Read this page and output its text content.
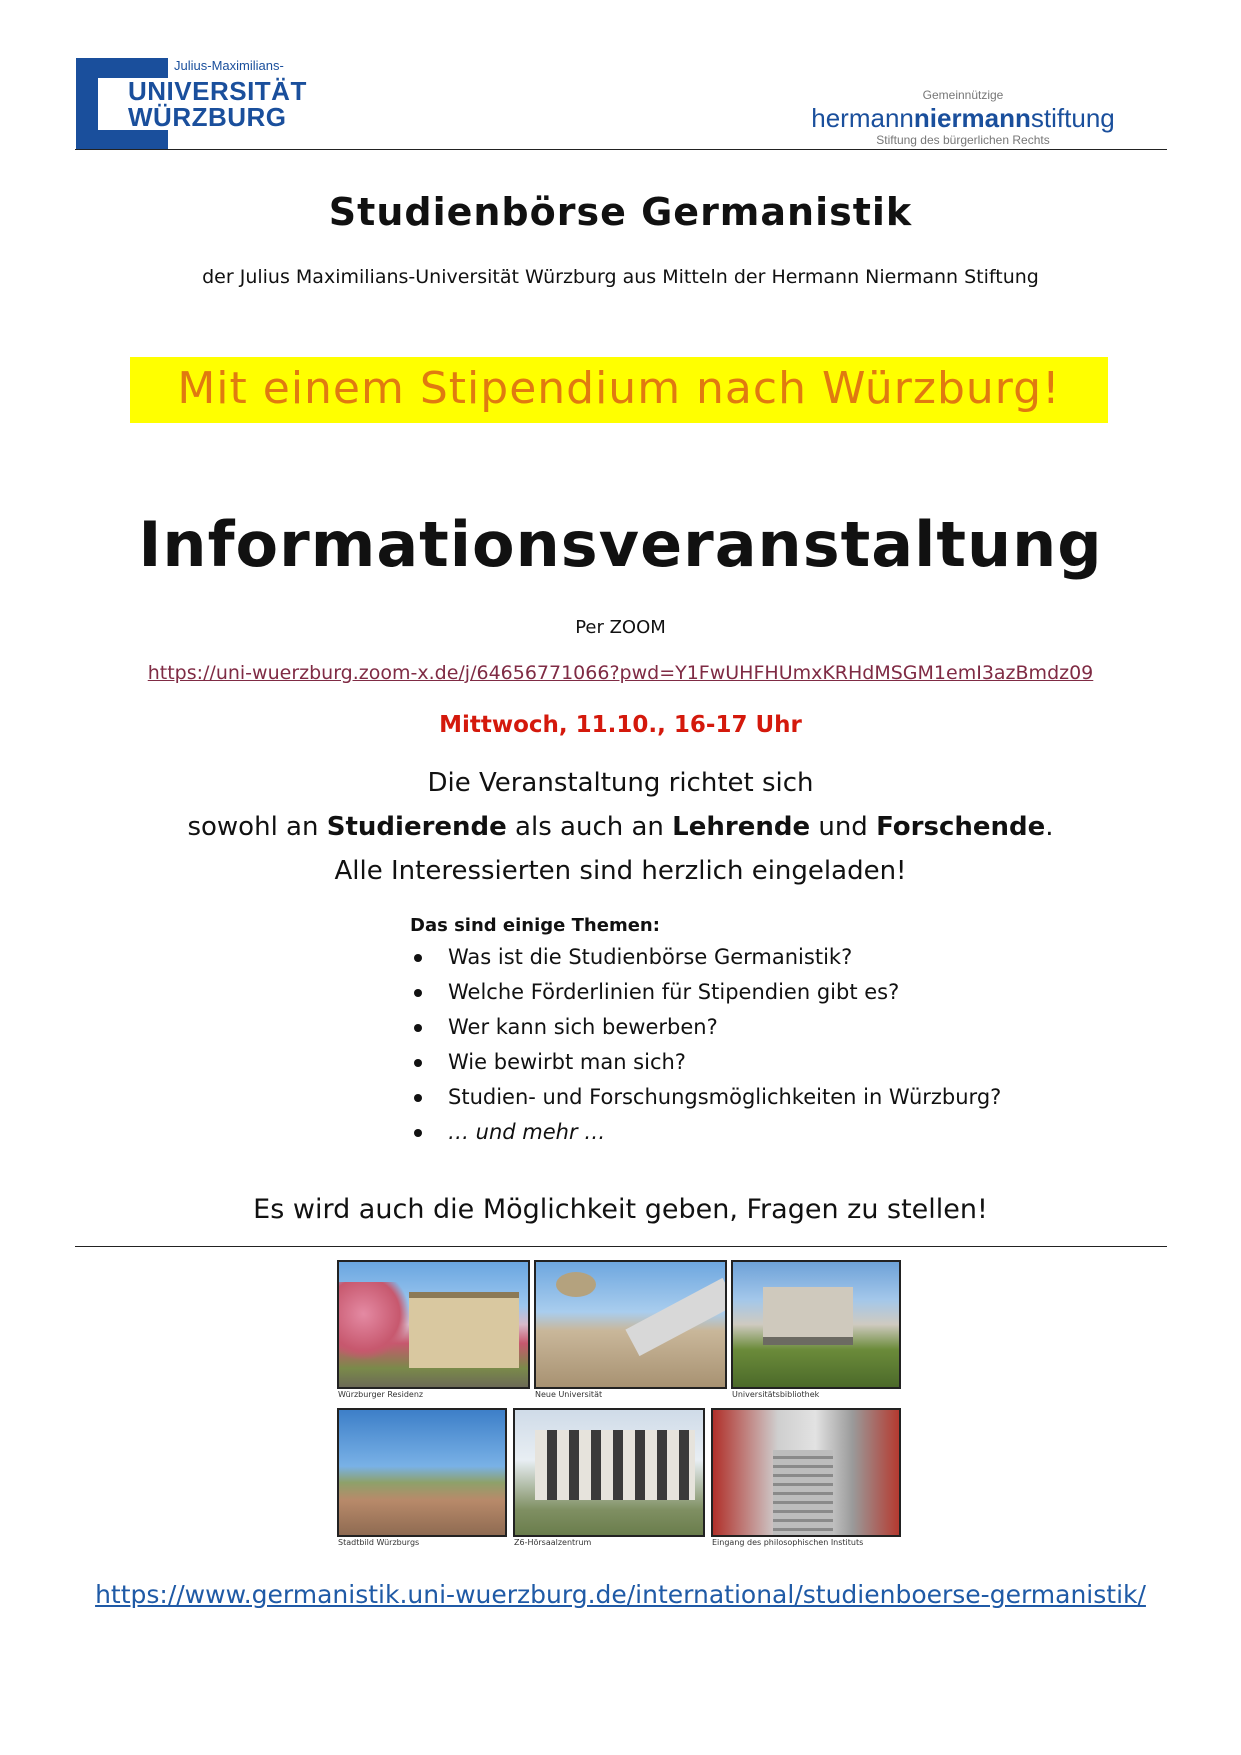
Julius-Maximilians-
UNIVERSITÄT
WÜRZBURG
Gemeinnützige
hermannniermannstiftung
Stiftung des bürgerlichen Rechts
Studienbörse Germanistik
der Julius Maximilians-Universität Würzburg aus Mitteln der Hermann Niermann Stiftung
Mit einem Stipendium nach Würzburg!
Informationsveranstaltung
Per ZOOM
https://uni-wuerzburg.zoom-x.de/j/64656771066?pwd=Y1FwUHFHUmxKRHdMSGM1emI3azBmdz09
Mittwoch, 11.10., 16-17 Uhr
Die Veranstaltung richtet sich
sowohl an Studierende als auch an Lehrende und Forschende.
Alle Interessierten sind herzlich eingeladen!
Das sind einige Themen:
Was ist die Studienbörse Germanistik?
Welche Förderlinien für Stipendien gibt es?
Wer kann sich bewerben?
Wie bewirbt man sich?
Studien- und Forschungsmöglichkeiten in Würzburg?
… und mehr …
Es wird auch die Möglichkeit geben, Fragen zu stellen!
Würzburger Residenz	Neue Universität	Universitätsbibliothek
Stadtbild Würzburgs	Z6-Hörsaalzentrum	Eingang des philosophischen Instituts
https://www.germanistik.uni-wuerzburg.de/international/studienboerse-germanistik/
